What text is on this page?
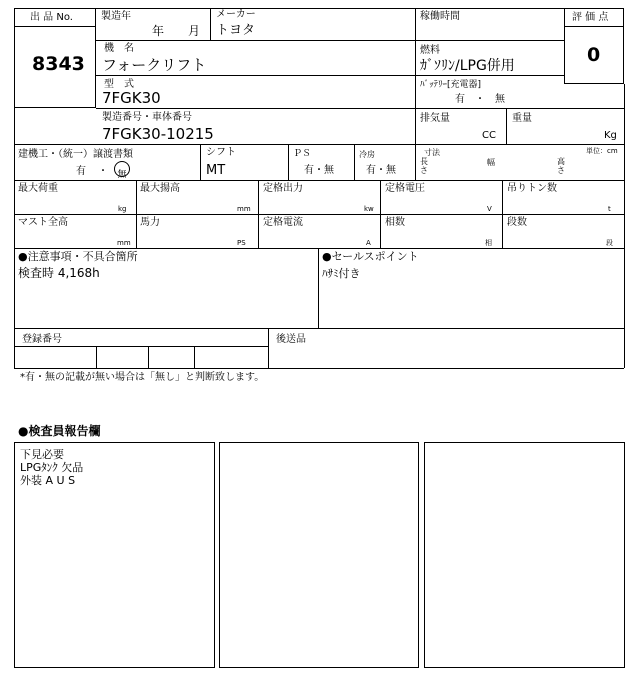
出 品 No.
8343
評 価 点
0
製造年
年　　月
メーカー
トヨタ
稼働時間
機　名
フォークリフト
燃料
ｶﾞｿﾘﾝ/LPG併用
型　式
7FGK30
ﾊﾞｯﾃﾘｰ[充電器]
有　・　無
製造番号・車体番号
7FGK30-10215
排気量
CC
重量
Kg
建機工・（統一）譲渡書類
有 ・	無
シフト
MT
ＰＳ
有・無
冷房
有・無
寸法	単位：cm
長さ
幅	高さ
最大荷重
kg
最大揚高
mm
定格出力
kw
定格電圧
V
吊りトン数
t
マスト全高
mm
馬力
PS
定格電流
A
相数
相
段数
段
●注意事項・不具合箇所
検査時 4,168h
●セールスポイント
ﾊｻﾐ付き
登録番号	後送品
*有・無の記載が無い場合は「無し」と判断致します。
●検査員報告欄
下見必要
LPGﾀﾝｸ 欠品
外装 A U S
